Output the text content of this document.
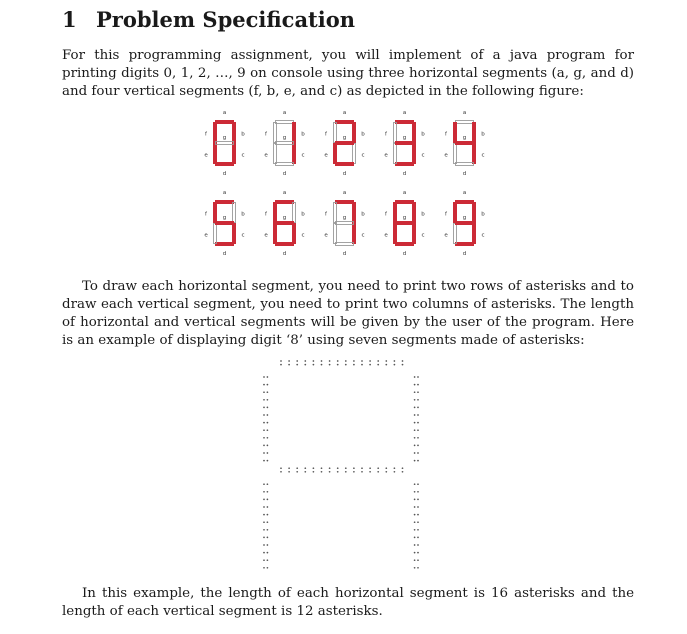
1 Problem Specification

For this programming assignment, you will implement of a java program for printing digits 0, 1, 2, …, 9 on console using three horizontal segments (a, g, and d) and four vertical segments (f, b, e, and c) as depicted in the following figure:

a
b
c
d
e
f
g
a
b
c
d
e
f
g
a
b
c
d
e
f
g
a
b
c
d
e
f
g
a
b
c
d
e
f
g
a
b
c
d
e
f
g
a
b
c
d
e
f
g
a
b
c
d
e
f
g
a
b
c
d
e
f
g
a
b
c
d
e
f
g

To draw each horizontal segment, you need to print two rows of asterisks and to draw each vertical segment, you need to print two columns of asterisks. The length of horizontal and vertical segments will be given by the user of the program. Here is an example of displaying digit ‘8’ using seven segments made of asterisks:

In this example, the length of each horizontal segment is 16 asterisks and the length of each vertical segment is 12 asterisks.
